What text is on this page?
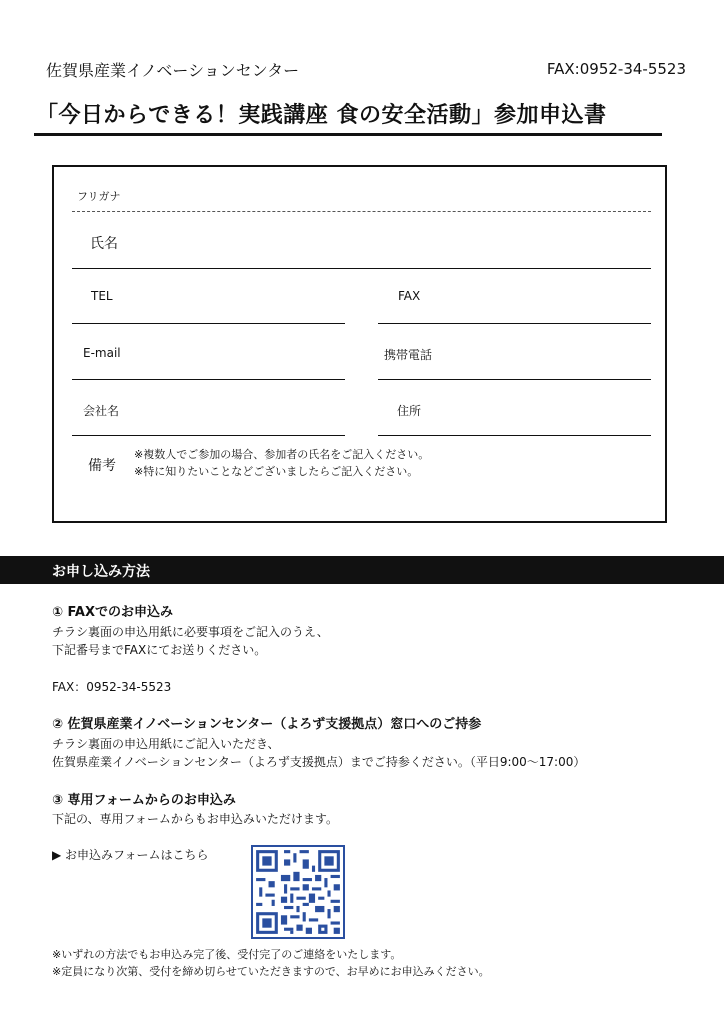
佐賀県産業イノベーションセンター	FAX:0952-34-5523
「今日からできる！実践講座 食の安全活動」参加申込書
フリガナ
氏名
TEL	FAX
E-mail	携帯電話
会社名	住所
備考
※複数人でご参加の場合、参加者の氏名をご記入ください。
※特に知りたいことなどございましたらご記入ください。
お申し込み方法
① FAXでのお申込み
チラシ裏面の申込用紙に必要事項をご記入のうえ、
下記番号までFAXにてお送りください。
FAX：0952-34-5523
② 佐賀県産業イノベーションセンター（よろず支援拠点）窓口へのご持参
チラシ裏面の申込用紙にご記入いただき、
佐賀県産業イノベーションセンター（よろず支援拠点）までご持参ください。（平日9:00～17:00）
③ 専用フォームからのお申込み
下記の、専用フォームからもお申込みいただけます。
▶ お申込みフォームはこちら
※いずれの方法でもお申込み完了後、受付完了のご連絡をいたします。
※定員になり次第、受付を締め切らせていただきますので、お早めにお申込みください。
